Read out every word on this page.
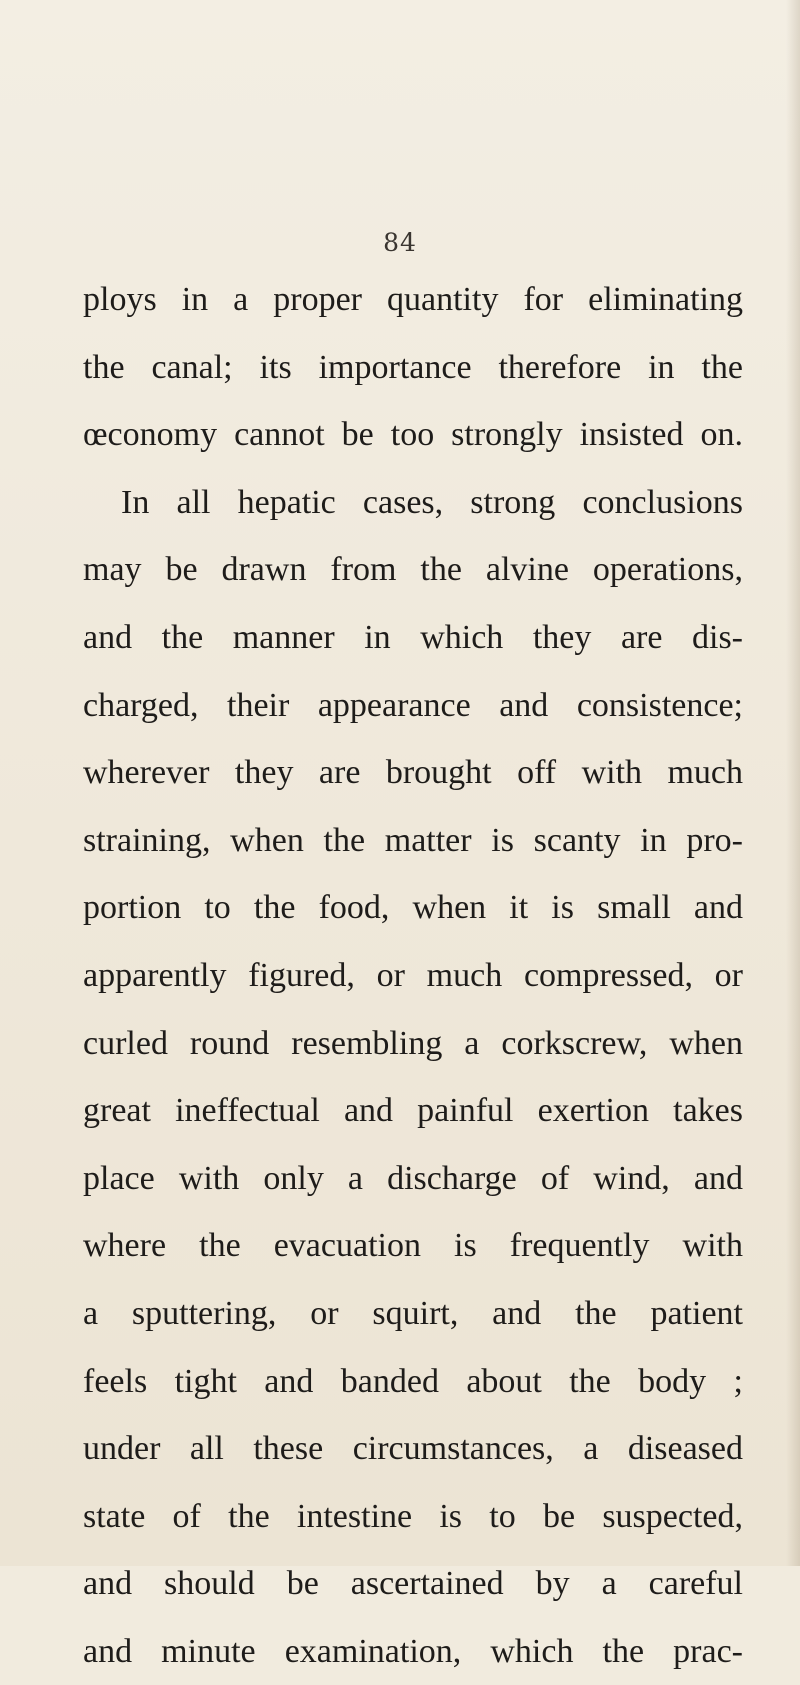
84
ploys in a proper quantity for eliminating
the canal; its importance therefore in the
œconomy cannot be too strongly insisted on.
In all hepatic cases, strong conclusions
may be drawn from the alvine operations,
and the manner in which they are dis-
charged, their appearance and consistence;
wherever they are brought off with much
straining, when the matter is scanty in pro-
portion to the food, when it is small and
apparently figured, or much compressed, or
curled round resembling a corkscrew, when
great ineffectual and painful exertion takes
place with only a discharge of wind, and
where the evacuation is frequently with
a sputtering, or squirt, and the patient
feels tight and banded about the body ;
under all these circumstances, a diseased
state of the intestine is to be suspected,
and should be ascertained by a careful
and minute examination, which the prac-
